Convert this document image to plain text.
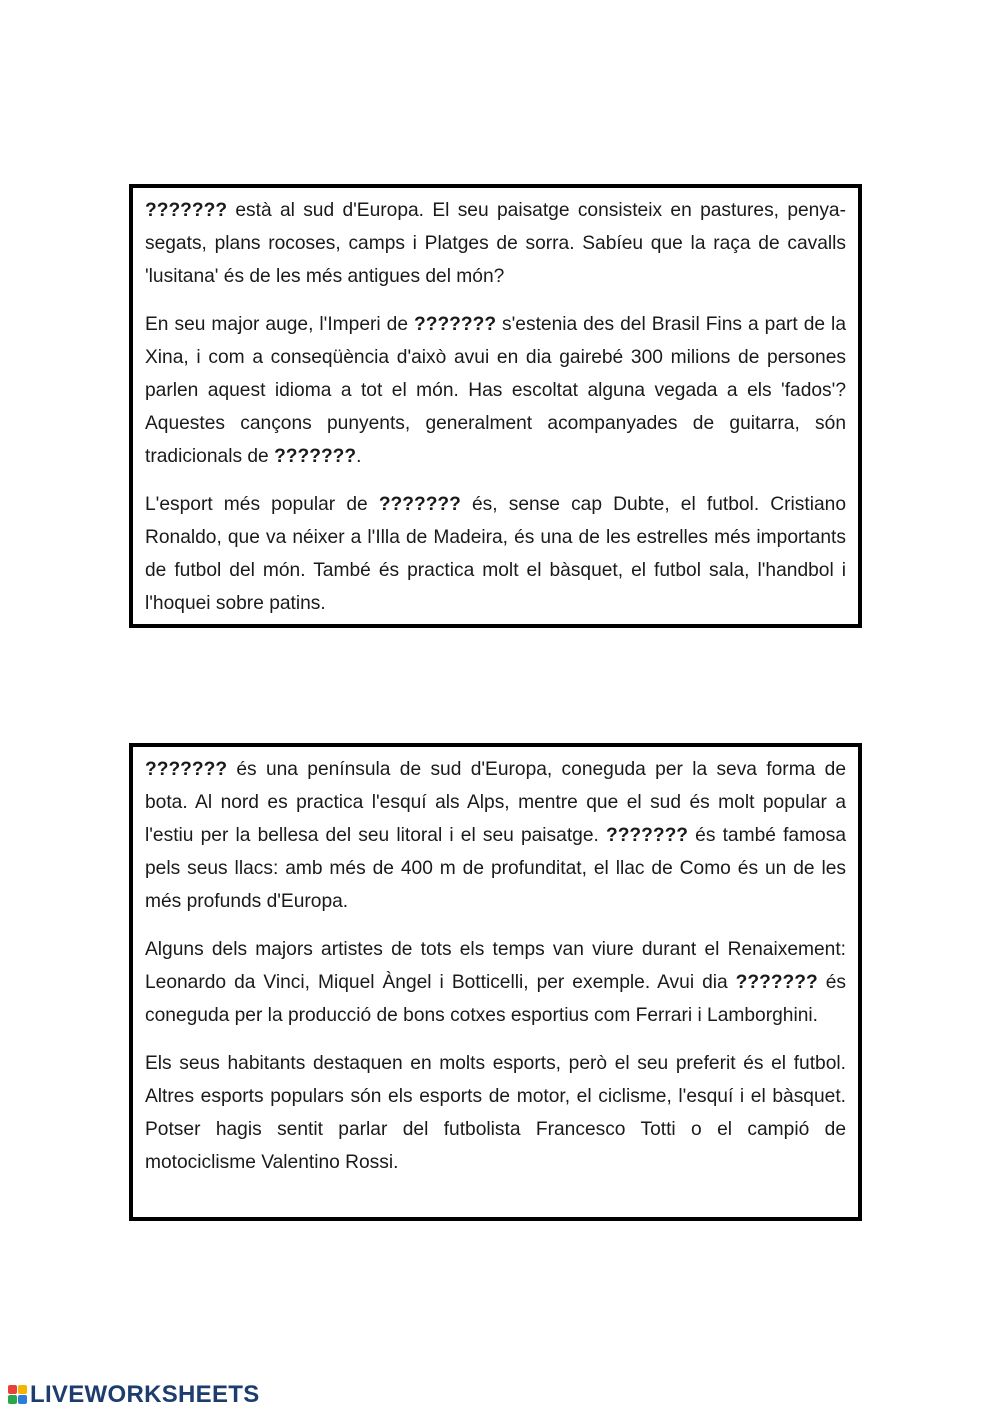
??????? està al sud d'Europa. El seu paisatge consisteix en pastures, penya-segats, plans rocoses, camps i Platges de sorra. Sabíeu que la raça de cavalls 'lusitana' és de les més antigues del món?

En seu major auge, l'Imperi de ??????? s'estenia des del Brasil Fins a part de la Xina, i com a conseqüència d'això avui en dia gairebé 300 milions de persones parlen aquest idioma a tot el món. Has escoltat alguna vegada a els 'fados'? Aquestes cançons punyents, generalment acompanyades de guitarra, són tradicionals de ???????.

L'esport més popular de ??????? és, sense cap Dubte, el futbol. Cristiano Ronaldo, que va néixer a l'Illa de Madeira, és una de les estrelles més importants de futbol del món. També és practica molt el bàsquet, el futbol sala, l'handbol i l'hoquei sobre patins.

??????? és una península de sud d'Europa, coneguda per la seva forma de bota. Al nord es practica l'esquí als Alps, mentre que el sud és molt popular a l'estiu per la bellesa del seu litoral i el seu paisatge. ??????? és també famosa pels seus llacs: amb més de 400 m de profunditat, el llac de Como és un de les més profunds d'Europa.

Alguns dels majors artistes de tots els temps van viure durant el Renaixement: Leonardo da Vinci, Miquel Àngel i Botticelli, per exemple. Avui dia ??????? és coneguda per la producció de bons cotxes esportius com Ferrari i Lamborghini.

Els seus habitants destaquen en molts esports, però el seu preferit és el futbol. Altres esports populars són els esports de motor, el ciclisme, l'esquí i el bàsquet. Potser hagis sentit parlar del futbolista Francesco Totti o el campió de motociclisme Valentino Rossi.

LIVEWORKSHEETS
